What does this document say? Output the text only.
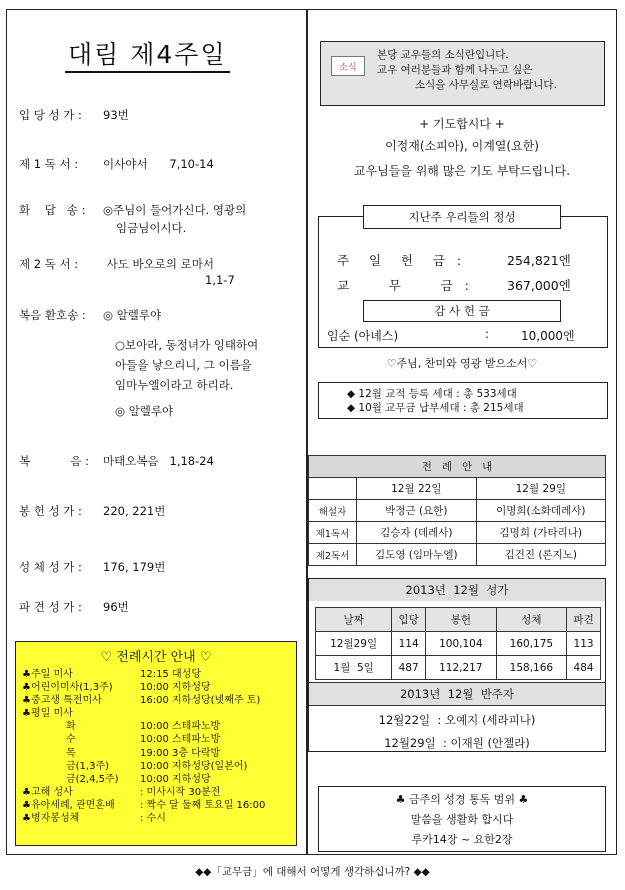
대림 제4주일
입 당 성 가 :	93번
제 1 독 서 :	이사야서      7,10-14
화    답   송 :	◎주님이 들어가신다. 영광의
임금님이시다.
제 2 독 서 :	사도 바오로의 로마서
1,1-7
복음 환호송 :	◎ 알렐루야
○보아라, 동정녀가 잉태하여
아들을 낳으리니, 그 이름을
임마누엘이라고 하리라.
◎ 알렐루야
복           음 :	마태오복음   1,18-24
봉 헌 성 가 :	220, 221번
성 체 성 가 :	176, 179번
파 견 성 가 :	96번
♡ 전례시간 안내 ♡
♣주일 미사	12:15 대성당
♣어린이미사(1,3주)	10:00 지하성당
♣중고생 특전미사	16:00 지하성당(넷째주 토)
♣평일 미사
화	10:00 스테파노방
수	10:00 스테파노방
목	19:00 3층 다락방
금(1,3주)	10:00 지하성당(일본어)
금(2,4,5주)	10:00 지하성당
♣고해 성사	: 미사시작 30분전
♣유아세례, 관면혼배	: 짝수 달 둘째 토요일 16:00
♣병자봉성체	: 수시
소식
본당 교우들의 소식란입니다.
교우 여러분들과 함께 나누고 싶은
소식을 사무실로 연락바랍니다.
+ 기도합시다 +
이정재(소피아), 이계열(요한)
교우님들을 위해 많은 기도 부탁드립니다.
지난주 우리들의 정성
주     일     헌     금   :	254,821엔
교          무          금   :	367,000엔
감 사 헌 금
임순 (아녜스)	:	10,000엔
♡주님, 찬미와 영광 받으소서♡
◆ 12월 교적 등록 세대 : 총 533세대
◆ 10월 교무금 납부세대 : 총 215세대
전   례   안   내		
	12월 22일	12월 29일
해설자	박정근 (요한)	이명희(소화데레사)
제1독서	김승자 (데레사)	김명희 (가타리나)
제2독서	김도영 (임마누엘)	김건진 (론지노)
2013년  12월  성가
날짜	입당	봉헌	성체	파견
12월29일	114	100,104	160,175	113
1월  5일	487	112,217	158,166	484
2013년  12월  반주자
12월22일  : 오예지 (세라피나)
12월29일  : 이재원 (안젤라)
♣ 금주의 성경 통독 범위 ♣
말씀을 생활화 합시다
루카14장 ~ 요한2장
◆◆「교무금」에 대해서 어떻게 생각하십니까? ◆◆
